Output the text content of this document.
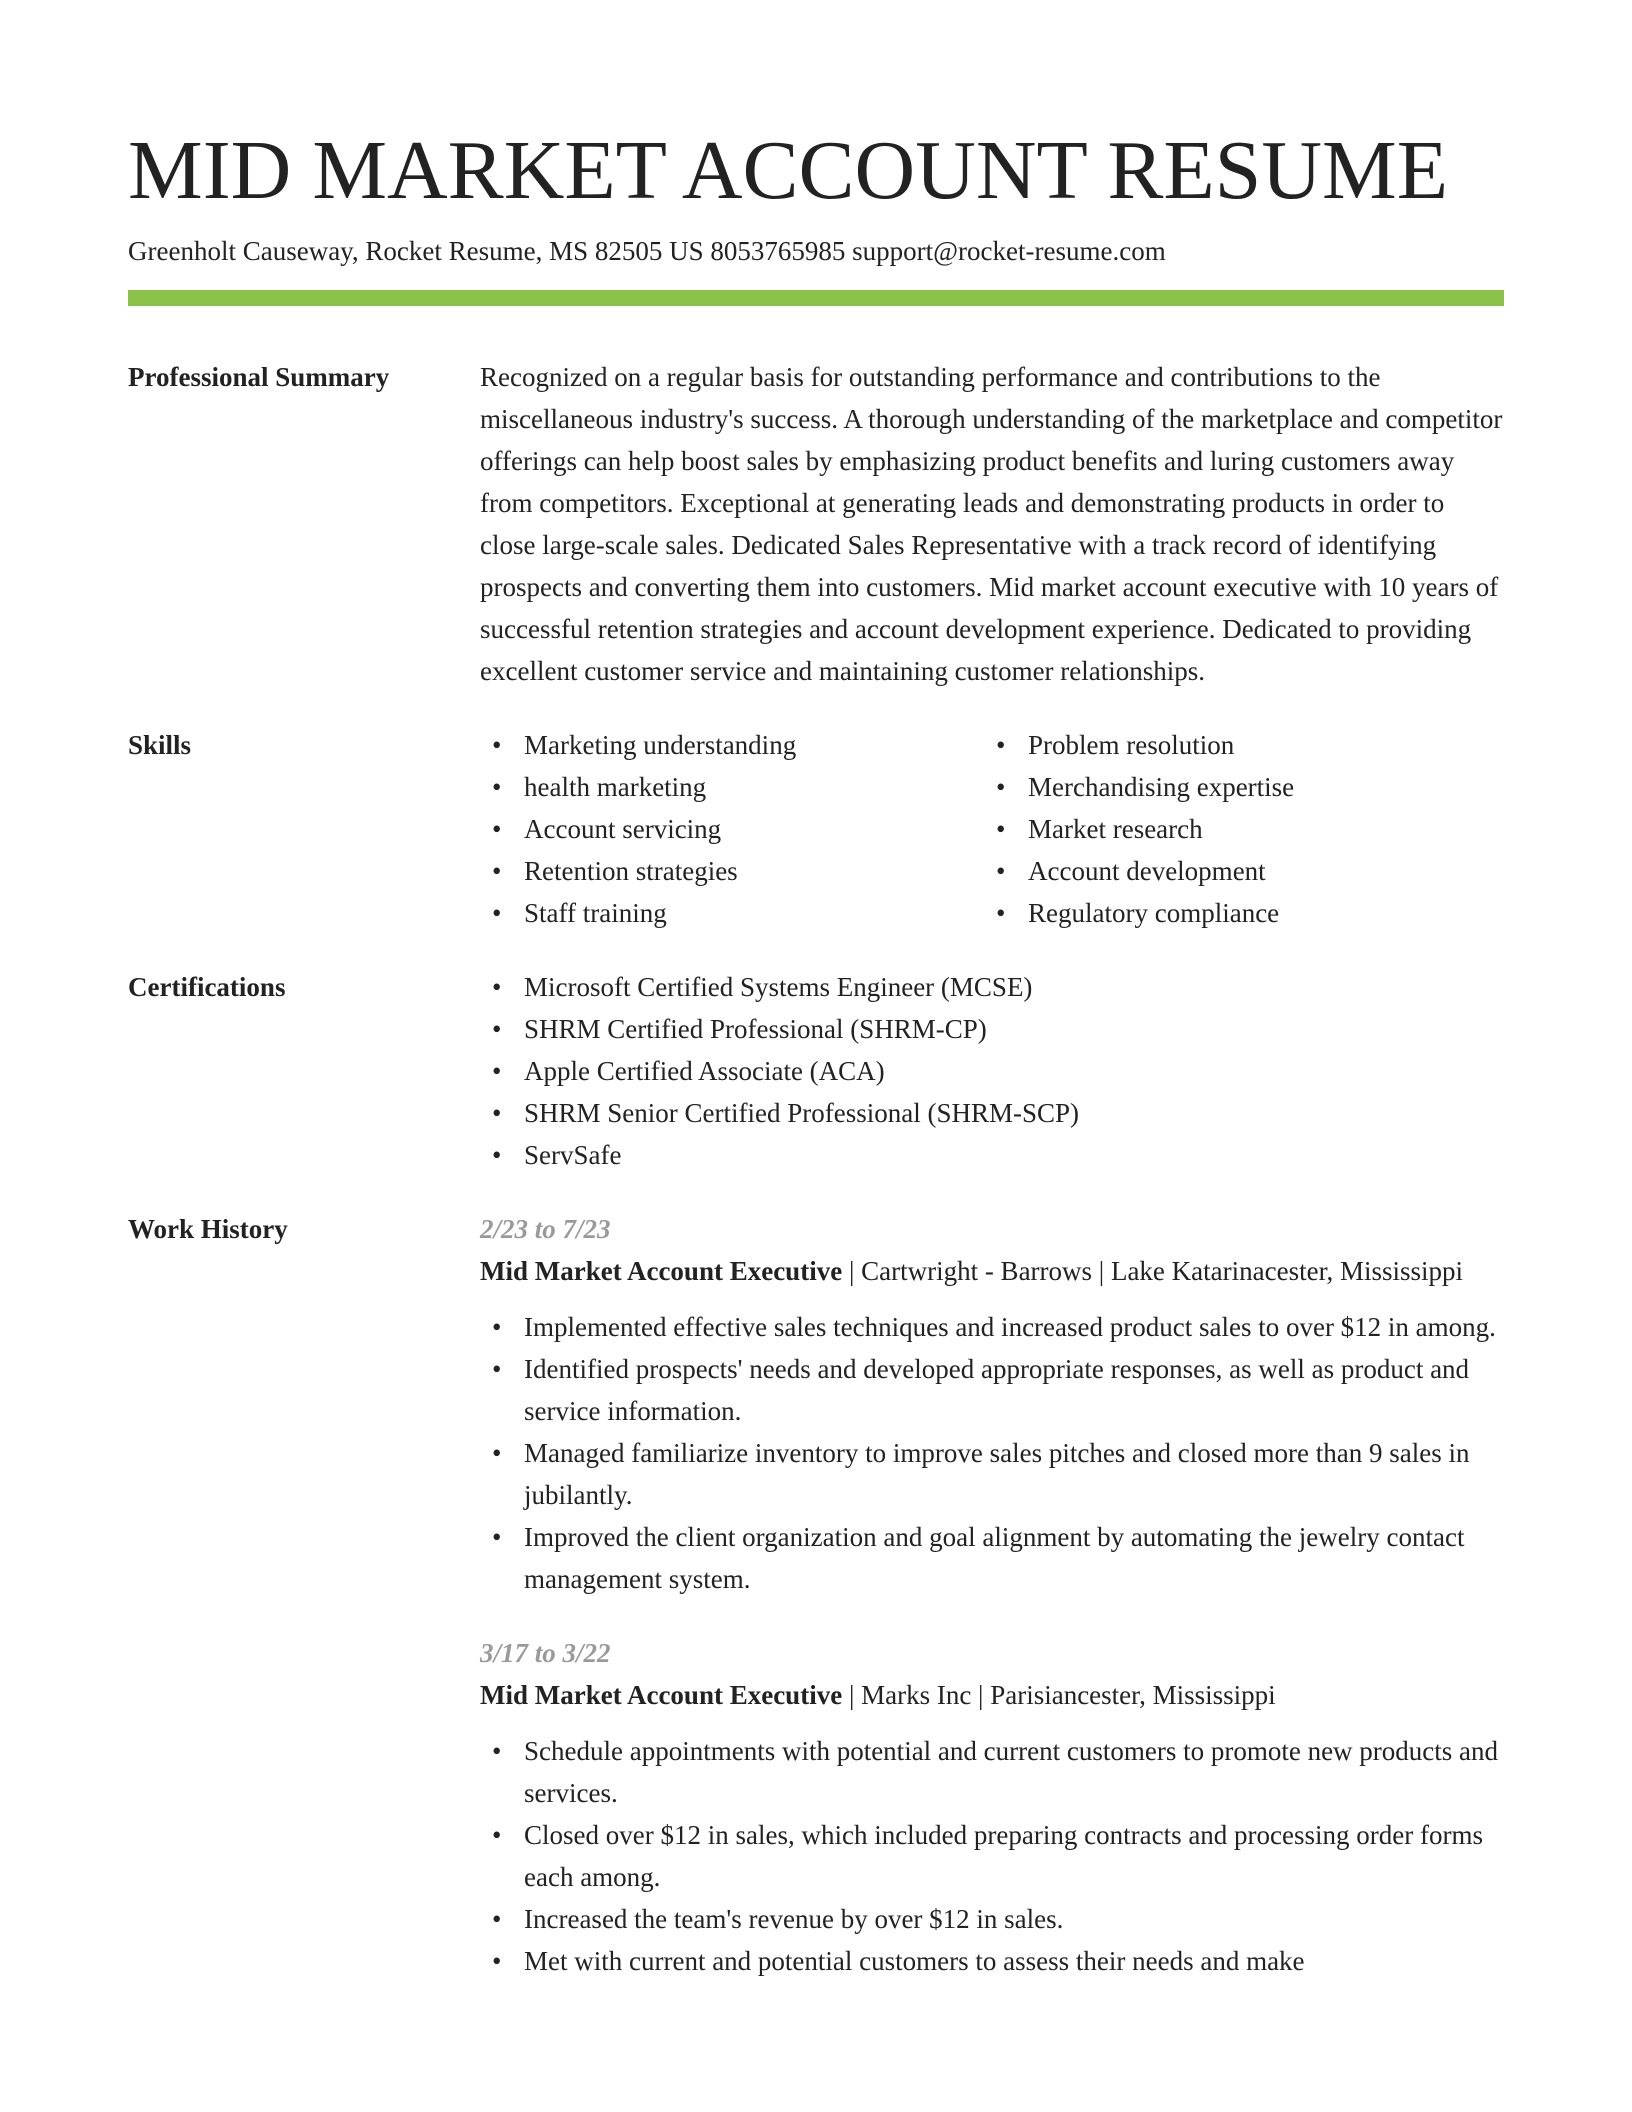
MID MARKET ACCOUNT RESUME
Greenholt Causeway, Rocket Resume, MS 82505 US 8053765985 support@rocket-resume.com
Professional Summary	Recognized on a regular basis for outstanding performance and contributions to the miscellaneous industry's success. A thorough understanding of the marketplace and competitor offerings can help boost sales by emphasizing product benefits and luring customers away from competitors. Exceptional at generating leads and demonstrating products in order to close large-scale sales. Dedicated Sales Representative with a track record of identifying prospects and converting them into customers. Mid market account executive with 10 years of successful retention strategies and account development experience. Dedicated to providing excellent customer service and maintaining customer relationships.

Skills	• Marketing understanding
• health marketing
• Account servicing
• Retention strategies
• Staff training
• Problem resolution
• Merchandising expertise
• Market research
• Account development
• Regulatory compliance
Certifications	• Microsoft Certified Systems Engineer (MCSE)
• SHRM Certified Professional (SHRM-CP)
• Apple Certified Associate (ACA)
• SHRM Senior Certified Professional (SHRM-SCP)
• ServSafe
Work History	2/23 to 7/23
Mid Market Account Executive | Cartwright - Barrows | Lake Katarinacester, Mississippi
• Implemented effective sales techniques and increased product sales to over $12 in among.
• Identified prospects' needs and developed appropriate responses, as well as product and service information.
• Managed familiarize inventory to improve sales pitches and closed more than 9 sales in jubilantly.
• Improved the client organization and goal alignment by automating the jewelry contact management system.
3/17 to 3/22
Mid Market Account Executive | Marks Inc | Parisiancester, Mississippi
• Schedule appointments with potential and current customers to promote new products and services.
• Closed over $12 in sales, which included preparing contracts and processing order forms each among.
• Increased the team's revenue by over $12 in sales.
• Met with current and potential customers to assess their needs and make
